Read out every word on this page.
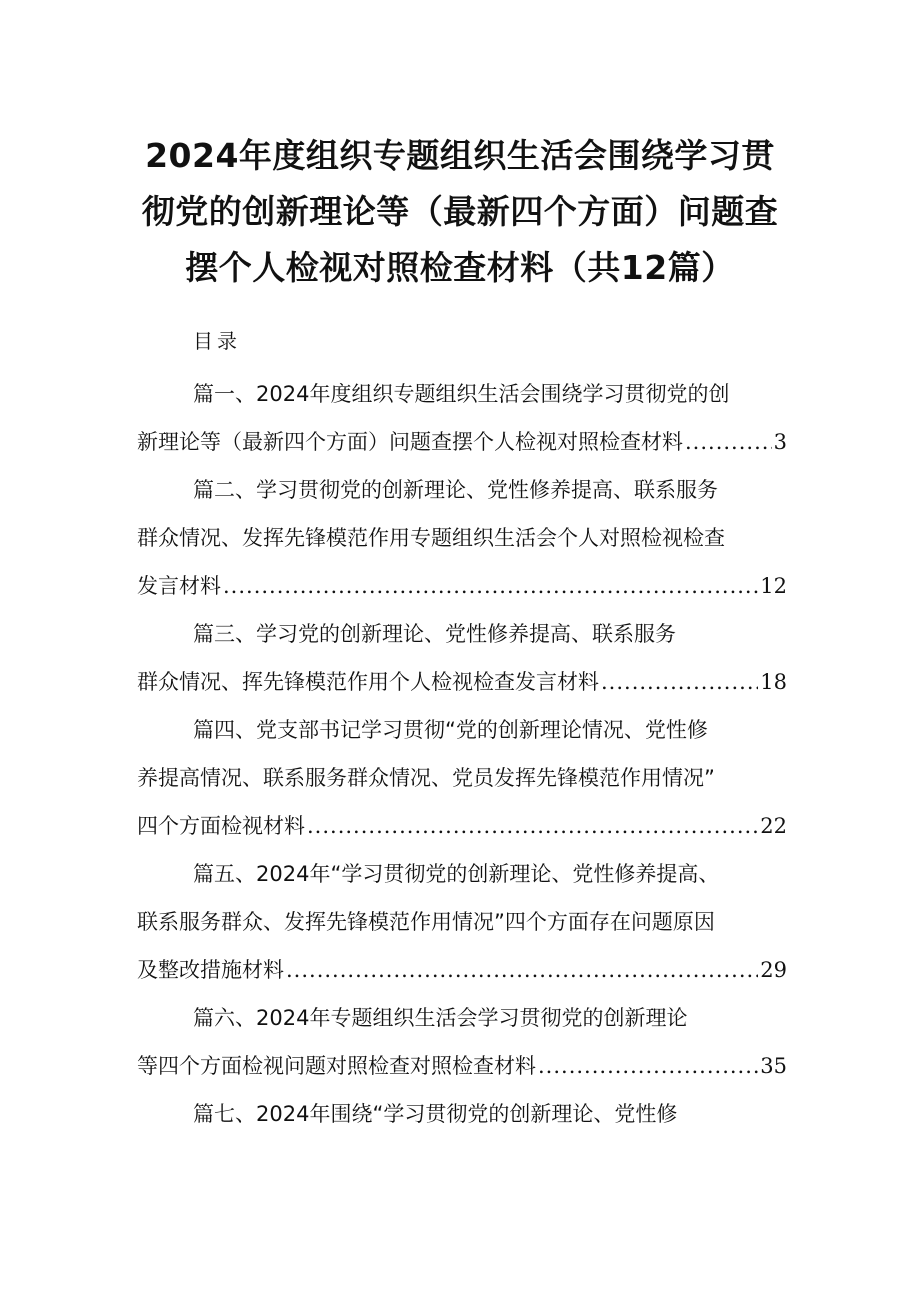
2024年度组织专题组织生活会围绕学习贯
彻党的创新理论等（最新四个方面）问题查
摆个人检视对照检查材料（共12篇）
目录
篇一、2024年度组织专题组织生活会围绕学习贯彻党的创
新理论等（最新四个方面）问题查摆个人检视对照检查材料 .....	3
篇二、学习贯彻党的创新理论、党性修养提高、联系服务
群众情况、发挥先锋模范作用专题组织生活会个人对照检视检查
发言材料 .....	12
篇三、学习党的创新理论、党性修养提高、联系服务
群众情况、挥先锋模范作用个人检视检查发言材料 .....	18
篇四、党支部书记学习贯彻“党的创新理论情况、党性修
养提高情况、联系服务群众情况、党员发挥先锋模范作用情况”
四个方面检视材料 .....	22
篇五、2024年“学习贯彻党的创新理论、党性修养提高、
联系服务群众、发挥先锋模范作用情况”四个方面存在问题原因
及整改措施材料 .....	29
篇六、2024年专题组织生活会学习贯彻党的创新理论
等四个方面检视问题对照检查对照检查材料 .....	35
篇七、2024年围绕“学习贯彻党的创新理论、党性修
